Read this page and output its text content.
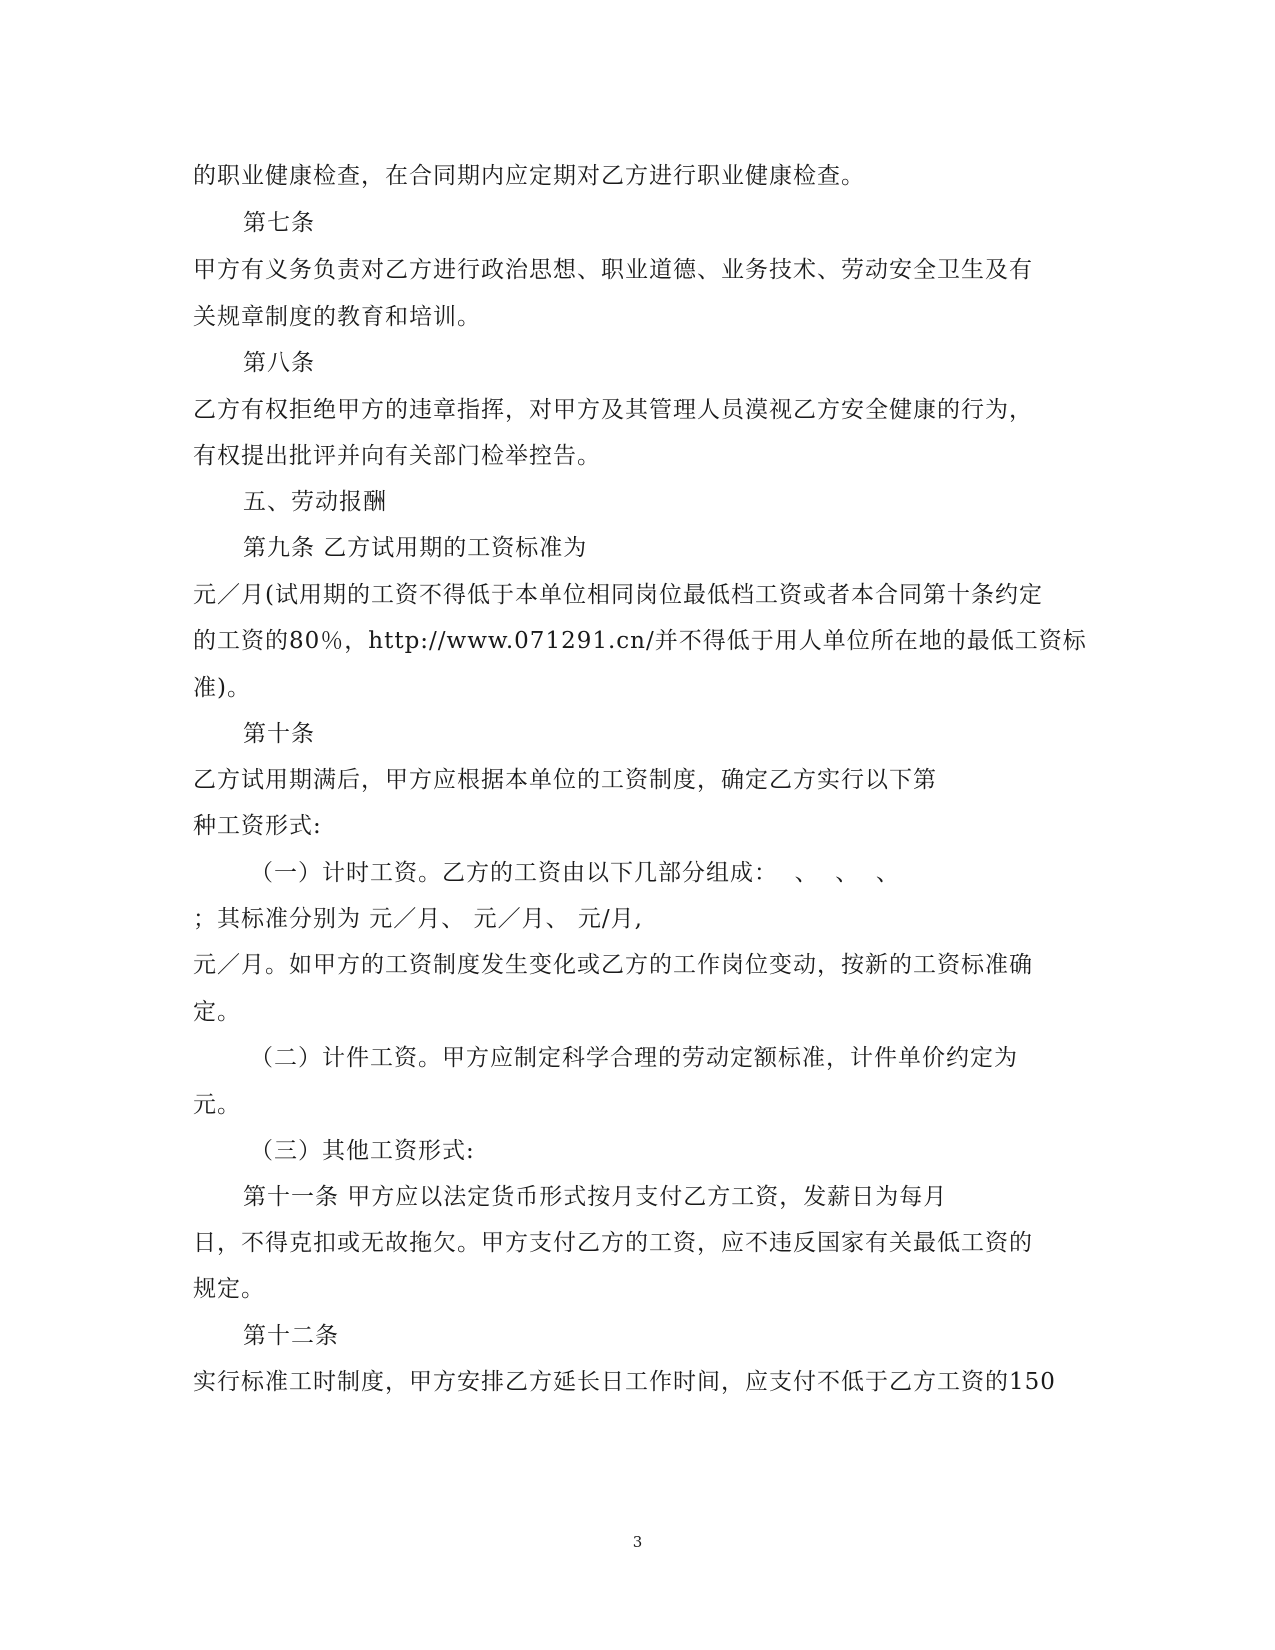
的职业健康检查，在合同期内应定期对乙方进行职业健康检查。
第七条
甲方有义务负责对乙方进行政治思想、职业道德、业务技术、劳动安全卫生及有
关规章制度的教育和培训。
第八条
乙方有权拒绝甲方的违章指挥，对甲方及其管理人员漠视乙方安全健康的行为，
有权提出批评并向有关部门检举控告。
五、劳动报酬
第九条 乙方试用期的工资标准为
元／月(试用期的工资不得低于本单位相同岗位最低档工资或者本合同第十条约定
的工资的80％，http://www.071291.cn/并不得低于用人单位所在地的最低工资标
准)。
第十条
乙方试用期满后，甲方应根据本单位的工资制度，确定乙方实行以下第
种工资形式:
（一）计时工资。乙方的工资由以下几部分组成：  、  、  、
；其标准分别为 元／月、 元／月、 元/月,
元／月。如甲方的工资制度发生变化或乙方的工作岗位变动，按新的工资标准确
定。
（二）计件工资。甲方应制定科学合理的劳动定额标准，计件单价约定为
元。
（三）其他工资形式:
第十一条 甲方应以法定货币形式按月支付乙方工资，发薪日为每月
日，不得克扣或无故拖欠。甲方支付乙方的工资，应不违反国家有关最低工资的
规定。
第十二条
实行标准工时制度，甲方安排乙方延长日工作时间，应支付不低于乙方工资的150
3
